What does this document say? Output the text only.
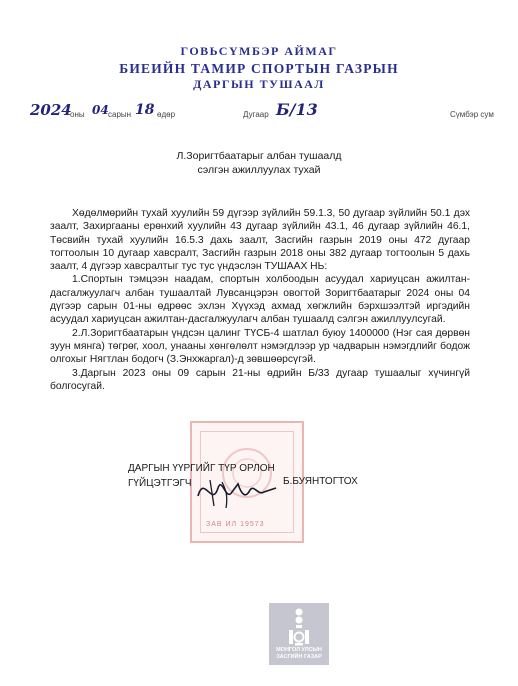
ГОВЬСҮМБЭР АЙМАГ
БИЕИЙН ТАМИР СПОРТЫН ГАЗРЫН
ДАРГЫН ТУШААЛ
2024
оны 04 сарын 18 өдөр	Дугаар Б/13	Сүмбэр сум
Л.Зоригтбаатарыг албан тушаалд
сэлгэн ажиллуулах тухай

Хөдөлмөрийн тухай хуулийн 59 дүгээр зүйлийн 59.1.3, 50 дугаар зүйлийн 50.1 дэх заалт, Захиргааны ерөнхий хуулийн 43 дугаар зүйлийн 43.1, 46 дугаар зүйлийн 46.1, Төсвийн тухай хуулийн 16.5.3 дахь заалт, Засгийн газрын 2019 оны 472 дугаар тогтоолын 10 дугаар хавсралт, Засгийн газрын 2018 оны 382 дугаар тогтоолын 5 дахь заалт, 4 дүгээр хавсралтыг тус тус үндэслэн ТУШААХ НЬ:

1.Спортын тэмцээн наадам, спортын холбоодын асуудал хариуцсан ажилтан-дасгалжуулагч албан тушаалтай Лувсанцэрэн овогтой Зоригтбаатарыг 2024 оны 04 дүгээр сарын 01-ны өдрөөс эхлэн Хүүхэд ахмад хөгжлийн бэрхшээлтэй иргэдийн асуудал хариуцсан ажилтан-дасгалжуулагч албан тушаалд сэлгэн ажиллуулсугай.

2.Л.Зоригтбаатарын үндсэн цалинг ТҮСБ-4 шатлал буюу 1400000 (Нэг сая дөрвөн зуун мянга) төгрөг, хоол, унааны хөнгөлөлт нэмэгдлээр ур чадварын нэмэгдлийг бодож олгохыг Нягтлан бодогч (З.Энхжаргал)-д зөвшөөрсүгэй.

3.Даргын 2023 оны 09 сарын 21-ны өдрийн Б/33 дугаар тушаалыг хүчингүй болгосугай.

ЗАВ ИЛ 19573
ДАРГЫН ҮҮРГИЙГ ТҮР ОРЛОН
ГҮЙЦЭТГЭГЧ	Б.БУЯНТОГТОХ
МОНГОЛ УЛСЫН
ЗАСГИЙН ГАЗАР
